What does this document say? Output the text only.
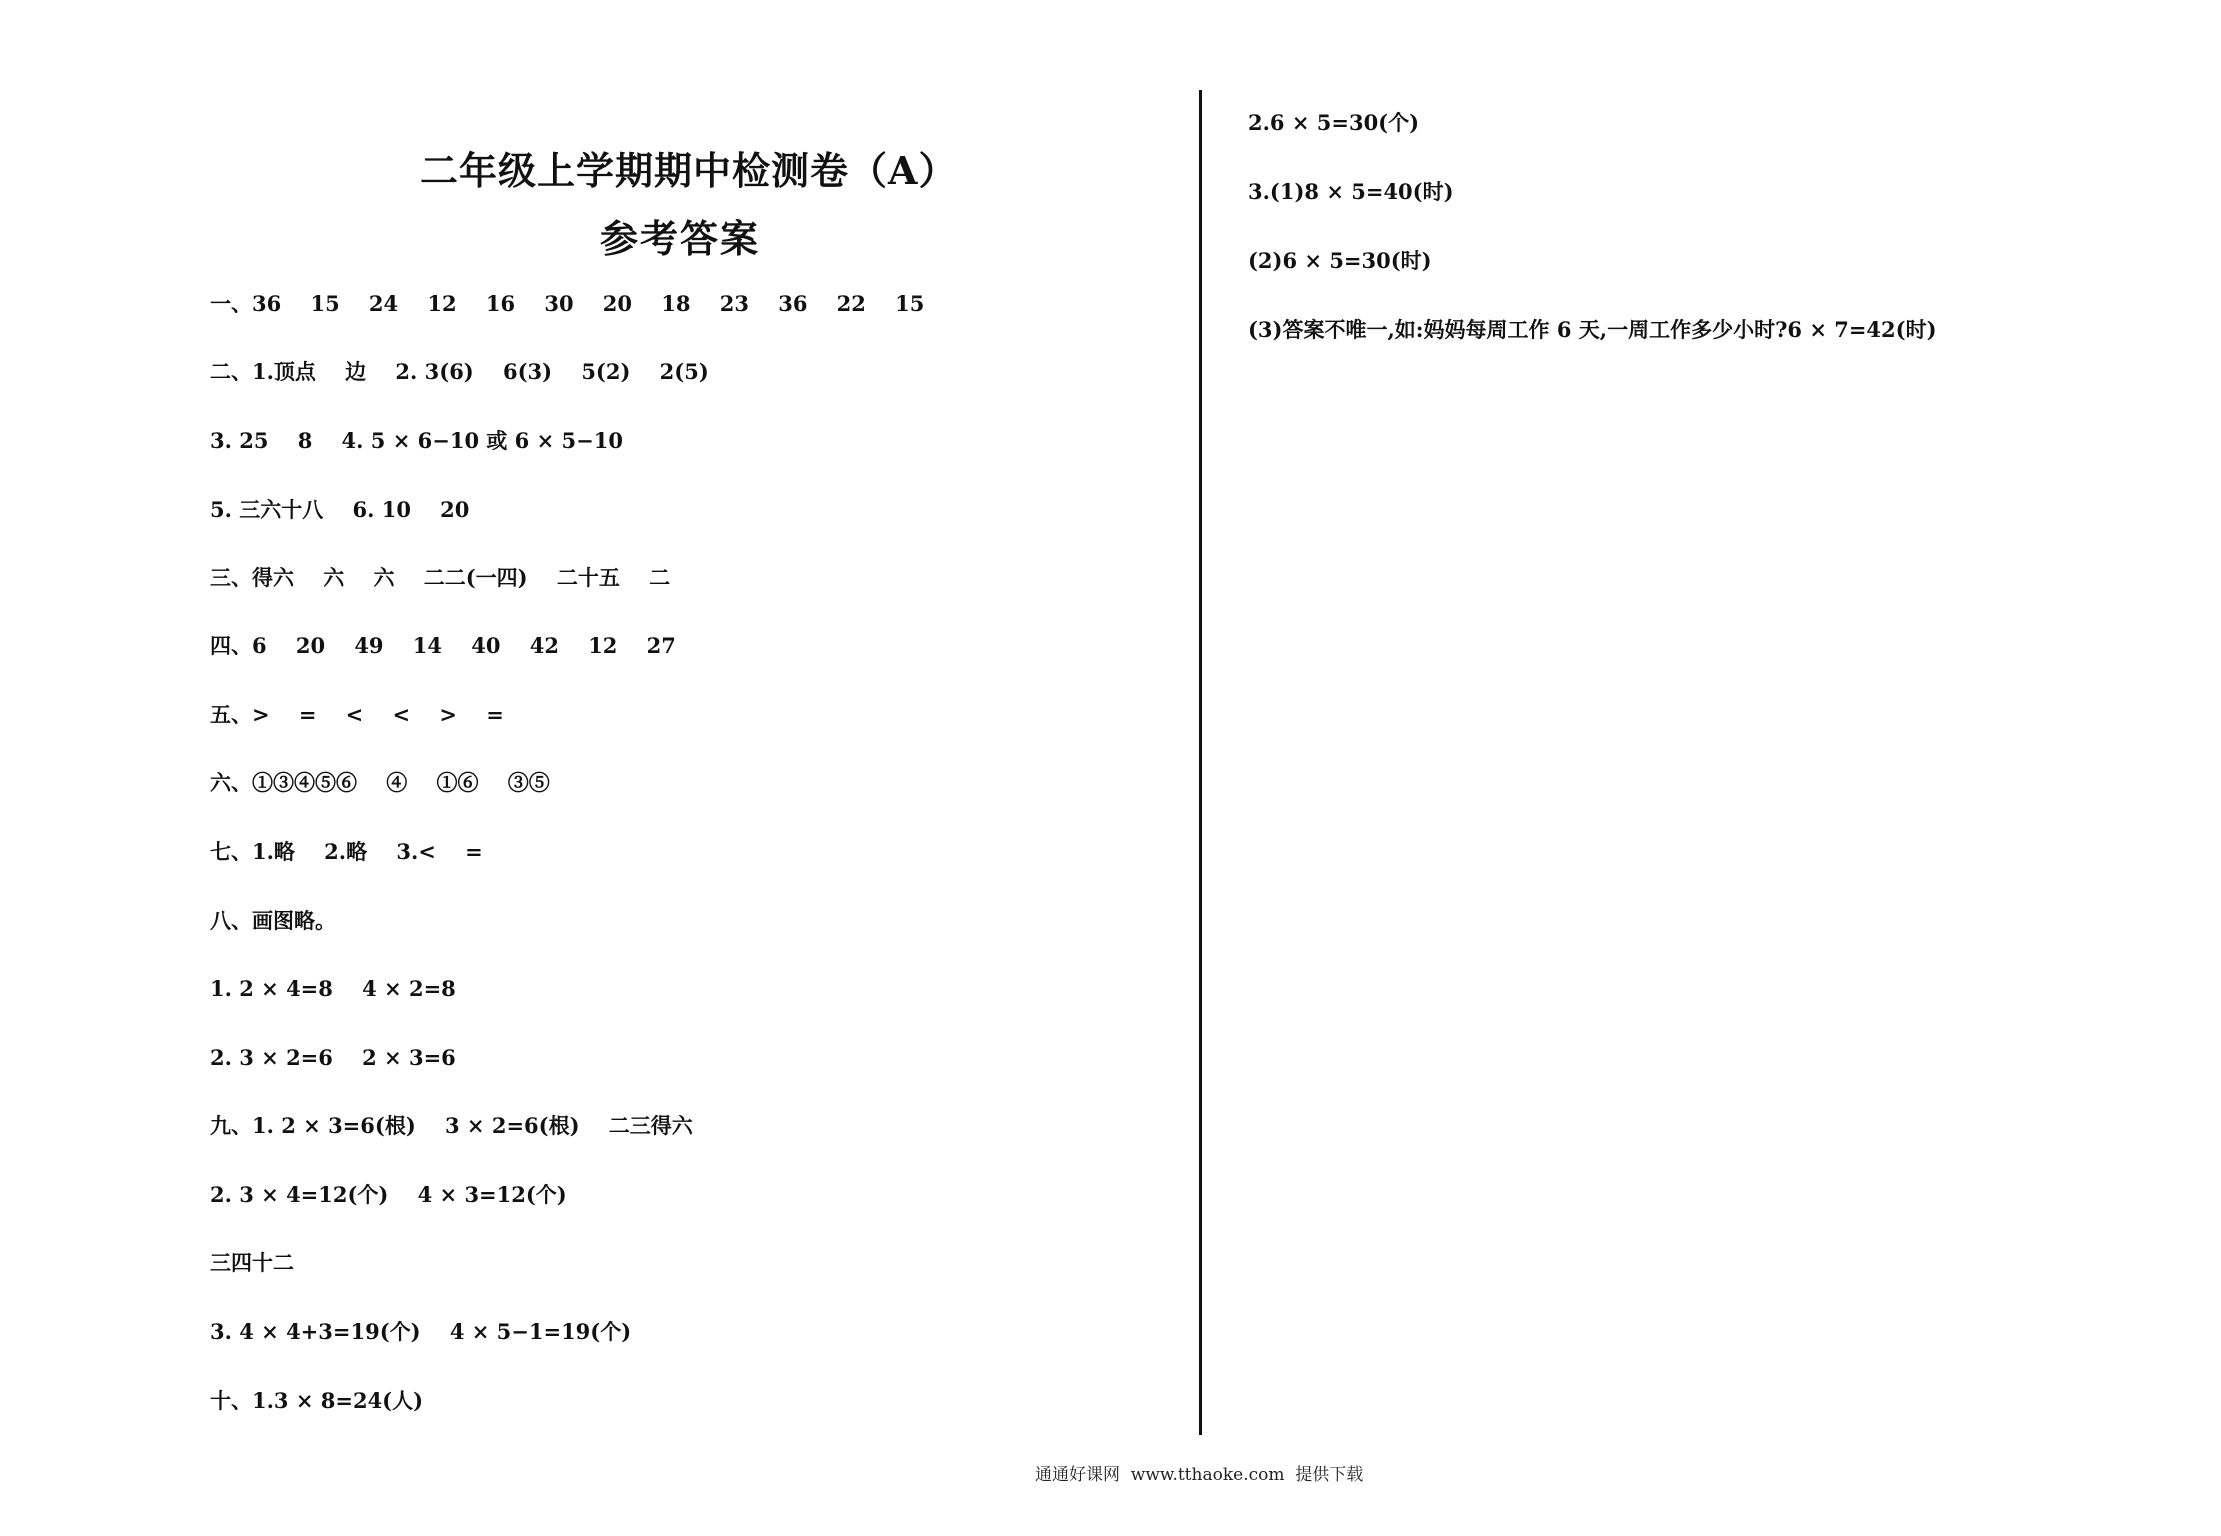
二年级上学期期中检测卷（A）
参考答案
一、36    15    24    12    16    30    20    18    23    36    22    15
二、1.顶点    边    2. 3(6)    6(3)    5(2)    2(5)
3. 25    8    4. 5 × 6−10 或 6 × 5−10
5. 三六十八    6. 10    20
三、得六    六    六    二二(一四)    二十五    二
四、6    20    49    14    40    42    12    27
五、>    =    <    <    >    =
六、①③④⑤⑥    ④    ①⑥    ③⑤
七、1.略    2.略    3.<    =
八、画图略。
1. 2 × 4=8    4 × 2=8
2. 3 × 2=6    2 × 3=6
九、1. 2 × 3=6(根)    3 × 2=6(根)    二三得六
2. 3 × 4=12(个)    4 × 3=12(个)
三四十二
3. 4 × 4+3=19(个)    4 × 5−1=19(个)
十、1.3 × 8=24(人)
2.6 × 5=30(个)
3.(1)8 × 5=40(时)
(2)6 × 5=30(时)
(3)答案不唯一,如:妈妈每周工作 6 天,一周工作多少小时?6 × 7=42(时)
通通好课网  www.tthaoke.com  提供下载
